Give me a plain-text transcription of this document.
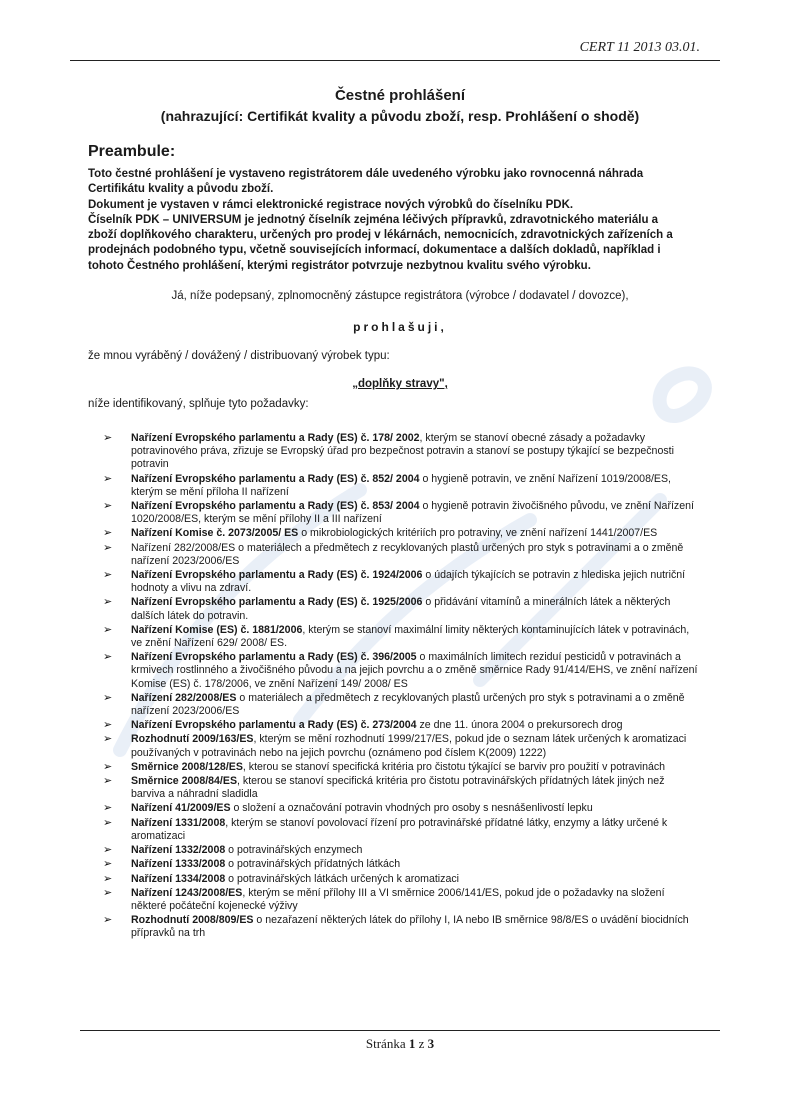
CERT 11 2013 03.01.
Čestné prohlášení
(nahrazující: Certifikát kvality a původu zboží, resp. Prohlášení o shodě)
Preambule:

Toto čestné prohlášení je vystaveno registrátorem dále uvedeného výrobku jako rovnocenná náhrada Certifikátu kvality a původu zboží.

Dokument je vystaven v rámci elektronické registrace nových výrobků do číselníku PDK.

Číselník PDK – UNIVERSUM je jednotný číselník zejména léčivých přípravků, zdravotnického materiálu a zboží doplňkového charakteru, určených pro prodej v lékárnách, nemocnicích, zdravotnických zařízeních a prodejnách podobného typu, včetně souvisejících informací, dokumentace a dalších dokladů, například i tohoto Čestného prohlášení, kterými registrátor potvrzuje nezbytnou kvalitu svého výrobku.

Já, níže podepsaný, zplnomocněný zástupce registrátora (výrobce / dodavatel / dovozce),
prohlašuji,
že mnou vyráběný / dovážený / distribuovaný výrobek typu:
„doplňky stravy",
níže identifikovaný, splňuje tyto požadavky:
➢ Nařízení Evropského parlamentu a Rady (ES) č. 178/ 2002, kterým se stanoví obecné zásady a požadavky potravinového práva, zřizuje se Evropský úřad pro bezpečnost potravin a stanoví se postupy týkající se bezpečnosti potravin
➢ Nařízení Evropského parlamentu a Rady (ES) č. 852/ 2004 o hygieně potravin, ve znění Nařízení 1019/2008/ES, kterým se mění příloha II nařízení
➢ Nařízení Evropského parlamentu a Rady (ES) č. 853/ 2004 o hygieně potravin živočišného původu, ve znění Nařízení 1020/2008/ES, kterým se mění přílohy II a III nařízení
➢ Nařízení Komise č. 2073/2005/ ES o mikrobiologických kritériích pro potraviny, ve znění nařízení 1441/2007/ES
➢ Nařízení 282/2008/ES o materiálech a předmětech z recyklovaných plastů určených pro styk s potravinami a o změně nařízení 2023/2006/ES
➢ Nařízení Evropského parlamentu a Rady (ES) č. 1924/2006 o údajích týkajících se potravin z hlediska jejich nutriční hodnoty a vlivu na zdraví.
➢ Nařízení Evropského parlamentu a Rady (ES) č. 1925/2006 o přidávání vitamínů a minerálních látek a některých dalších látek do potravin.
➢ Nařízení Komise (ES) č. 1881/2006, kterým se stanoví maximální limity některých kontaminujících látek v potravinách, ve znění Nařízení 629/ 2008/ ES.
➢ Nařízení Evropského parlamentu a Rady (ES) č. 396/2005 o maximálních limitech reziduí pesticidů v potravinách a krmivech rostlinného a živočišného původu a na jejich povrchu a o změně směrnice Rady 91/414/EHS, ve znění nařízení Komise (ES) č. 178/2006, ve znění Nařízení 149/ 2008/ ES
➢ Nařízení 282/2008/ES o materiálech a předmětech z recyklovaných plastů určených pro styk s potravinami a o změně nařízení 2023/2006/ES
➢ Nařízení Evropského parlamentu a Rady (ES) č. 273/2004 ze dne 11. února 2004 o prekursorech drog
➢ Rozhodnutí 2009/163/ES, kterým se mění rozhodnutí 1999/217/ES, pokud jde o seznam látek určených k aromatizaci používaných v potravinách nebo na jejich povrchu (oznámeno pod číslem K(2009) 1222)
➢ Směrnice 2008/128/ES, kterou se stanoví specifická kritéria pro čistotu týkající se barviv pro použití v potravinách
➢ Směrnice 2008/84/ES, kterou se stanoví specifická kritéria pro čistotu potravinářských přídatných látek jiných než barviva a náhradní sladidla
➢ Nařízení 41/2009/ES o složení a označování potravin vhodných pro osoby s nesnášenlivostí lepku
➢ Nařízení 1331/2008, kterým se stanoví povolovací řízení pro potravinářské přídatné látky, enzymy a látky určené k aromatizaci
➢ Nařízení 1332/2008 o potravinářských enzymech
➢ Nařízení 1333/2008 o potravinářských přídatných látkách
➢ Nařízení 1334/2008 o potravinářských látkách určených k aromatizaci
➢ Nařízení 1243/2008/ES, kterým se mění přílohy III a VI směrnice 2006/141/ES, pokud jde o požadavky na složení některé počáteční kojenecké výživy
➢ Rozhodnutí 2008/809/ES o nezařazení některých látek do přílohy I, IA nebo IB směrnice 98/8/ES o uvádění biocidních přípravků na trh
Stránka 1 z 3
